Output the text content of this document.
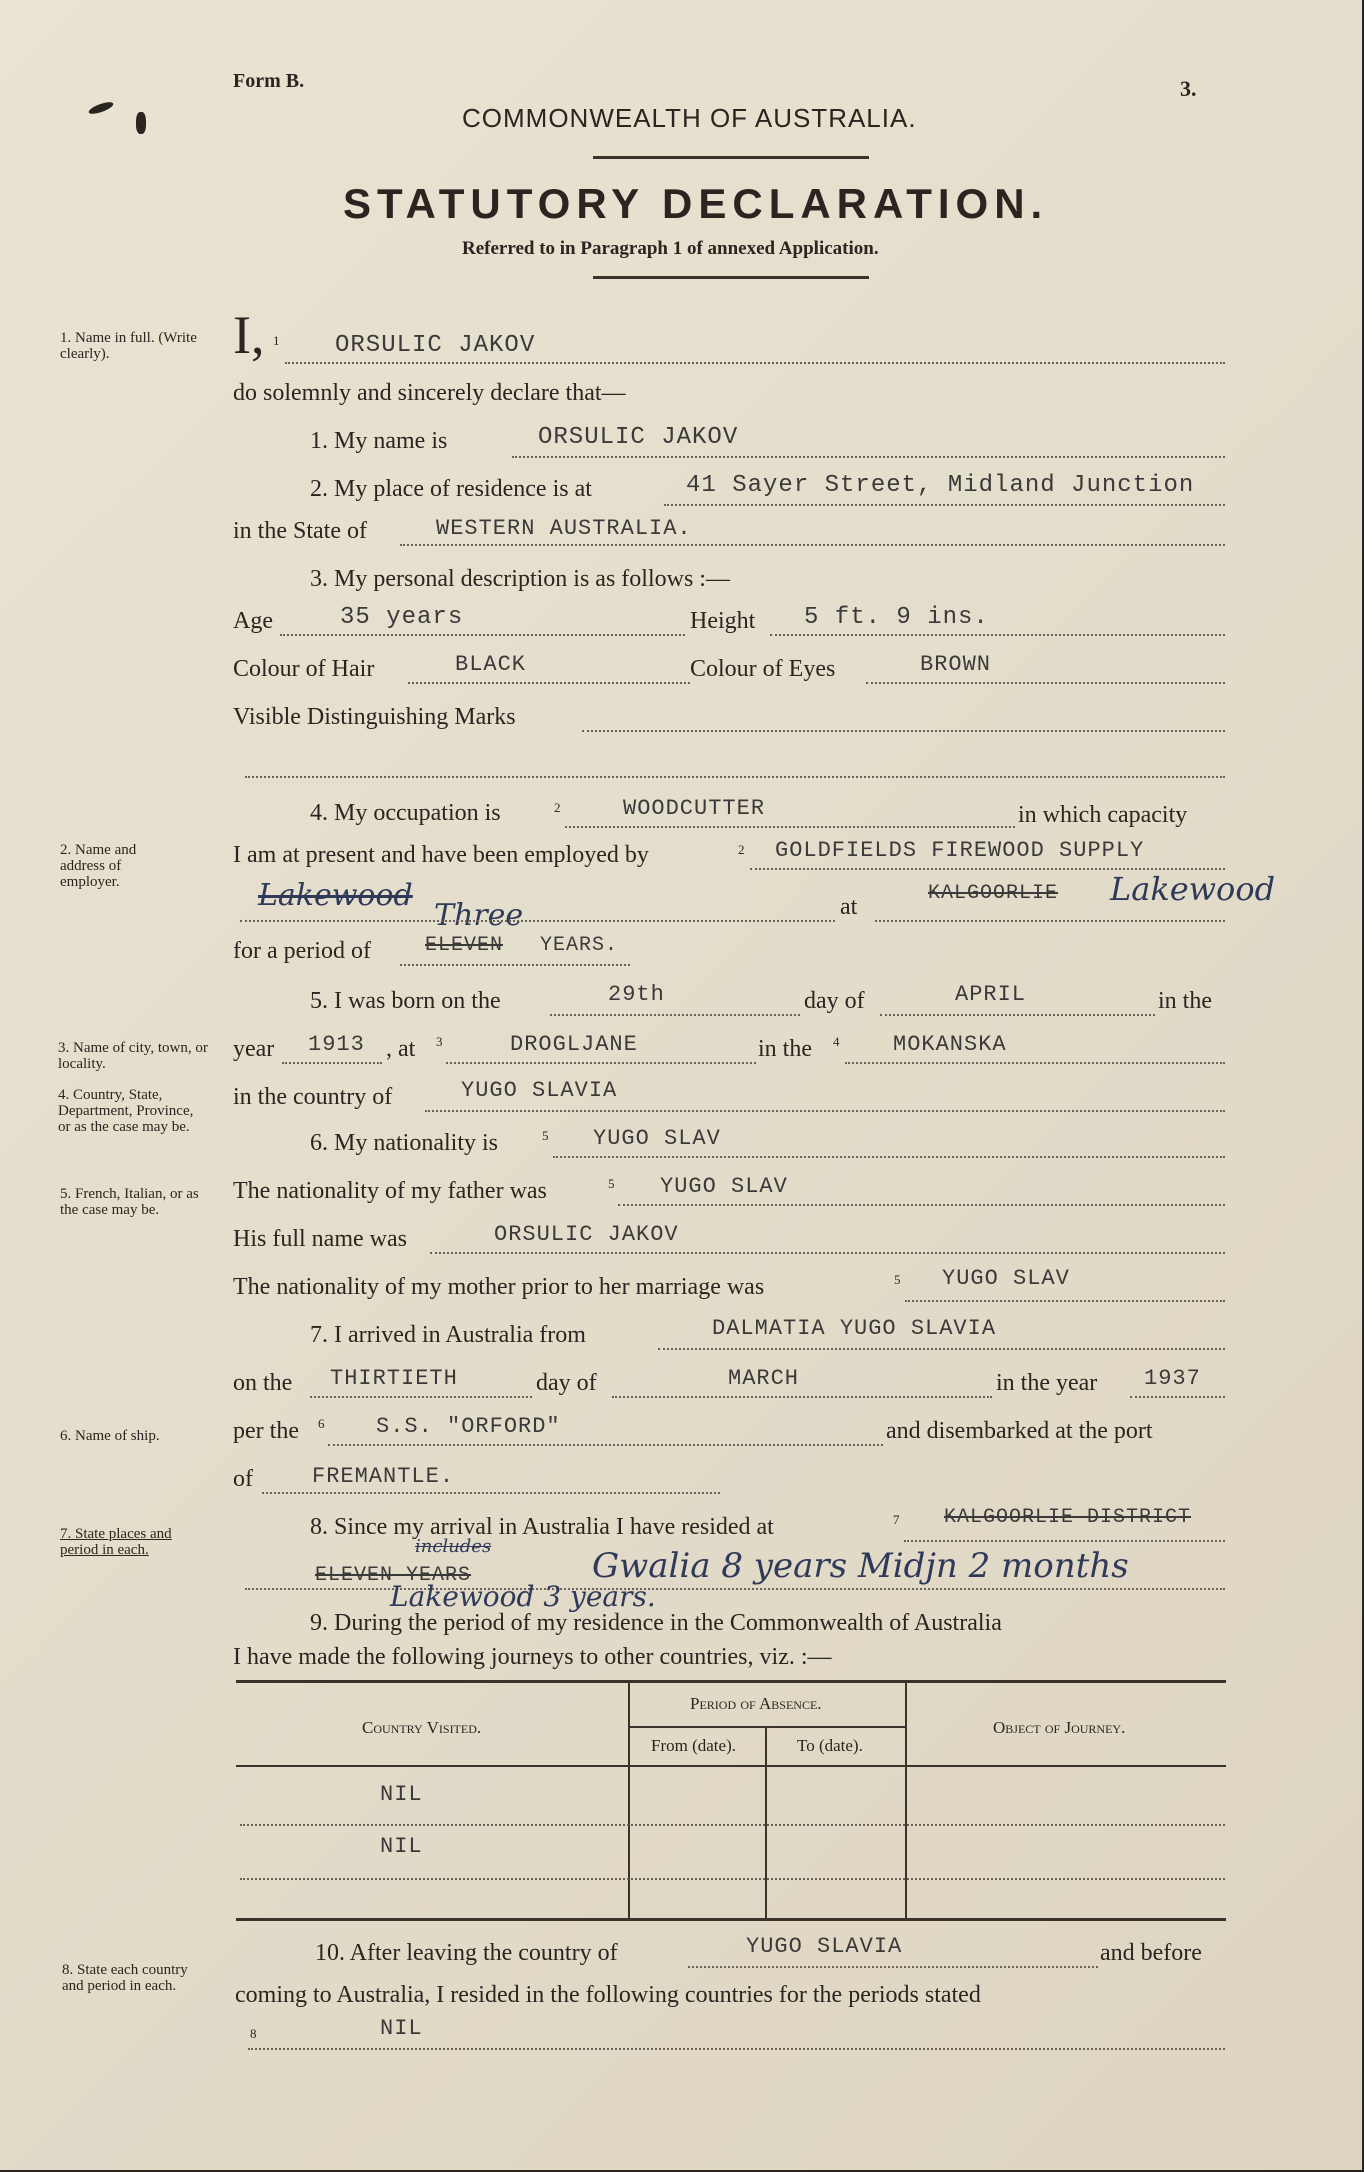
Form B.	3.
COMMONWEALTH OF AUSTRALIA.
STATUTORY DECLARATION.
Referred to in Paragraph 1 of annexed Application.
1. Name in full. (Write clearly).
2. Name and address of employer.
3. Name of city, town, or locality.
4. Country, State, Department, Province, or as the case may be.
5. French, Italian, or as the case may be.
6. Name of ship.
7. State places and period in each.
8. State each country and period in each.
I, 1 ORSULIC JAKOV
do solemnly and sincerely declare that—
1. My name is	ORSULIC JAKOV
2. My place of residence is at	41 Sayer Street, Midland Junction
in the State of	WESTERN AUSTRALIA.
3. My personal description is as follows :—
Age	35 years	Height 5 ft. 9 ins.
Colour of Hair	BLACK	Colour of Eyes	BROWN
Visible Distinguishing Marks
4. My occupation is	2	WOODCUTTER	in which capacity
I am at present and have been employed by	2 GOLDFIELDS FIREWOOD SUPPLY
Lakewood
Three	at
KALGOORLIE Lakewood
for a period of	ELEVEN YEARS.
5. I was born on the	29th	day of	APRIL	in the
year 1913 , at 3	DROGLJANE	in the 4 MOKANSKA
in the country of	YUGO SLAVIA
6. My nationality is	5 YUGO SLAV
The nationality of my father was	5 YUGO SLAV
His full name was	ORSULIC JAKOV
The nationality of my mother prior to her marriage was	5 YUGO SLAV
7. I arrived in Australia from	DALMATIA YUGO SLAVIA
on the THIRTIETH	day of	MARCH	in the year 1937
per the 6 S.S. "ORFORD"	and disembarked at the port
of	FREMANTLE.
8. Since my arrival in Australia I have resided at	7 KALGOORLIE DISTRICT
includes
ELEVEN YEARS	Gwalia 8 years Midjn 2 months
Lakewood 3 years.
9. During the period of my residence in the Commonwealth of Australia
I have made the following journeys to other countries, viz. :—
Country Visited.
Period of Absence.
From (date).	To (date).
Object of Journey.
NIL
NIL
10. After leaving the country of	YUGO SLAVIA	and before
coming to Australia, I resided in the following countries for the periods stated
8	NIL
